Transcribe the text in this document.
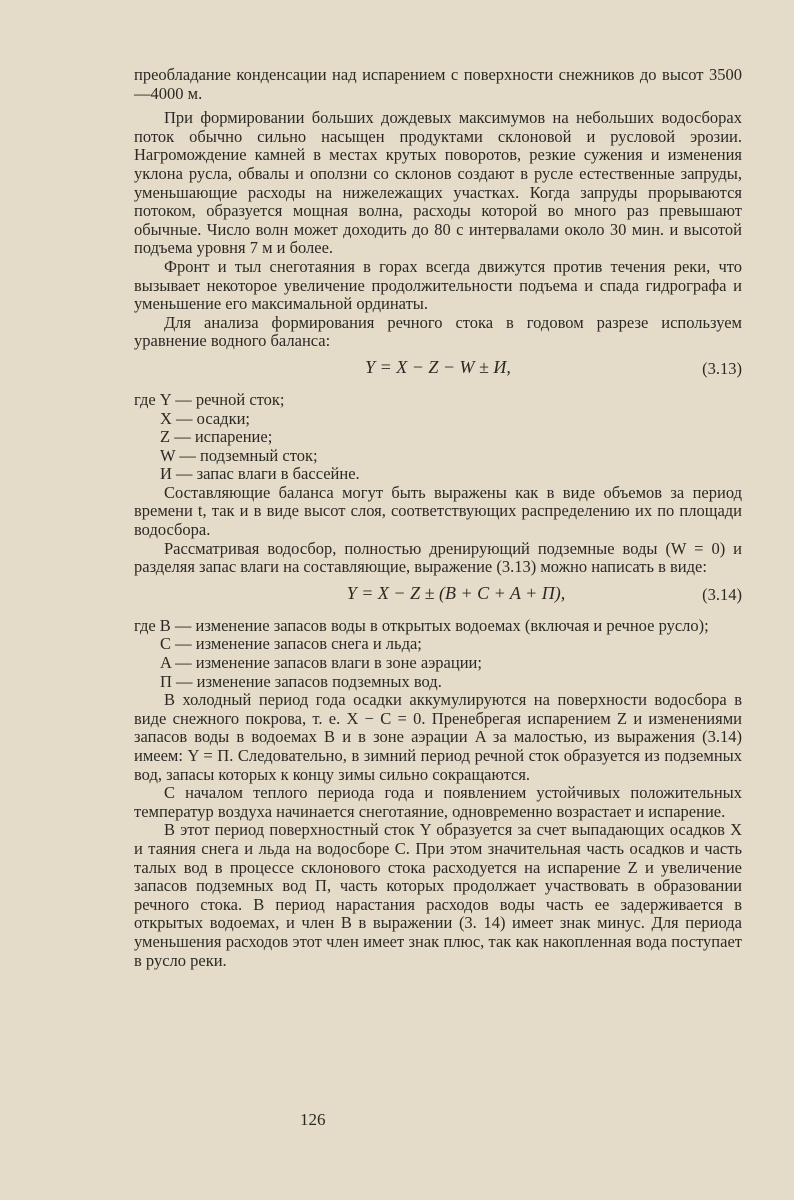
преобладание конденсации над испарением с поверхности снежников до высот 3500—4000 м.

При формировании больших дождевых максимумов на небольших водосборах поток обычно сильно насыщен продуктами склоновой и русловой эрозии. Нагромождение камней в местах крутых поворотов, резкие сужения и изменения уклона русла, обвалы и оползни со склонов создают в русле естественные запруды, уменьшающие расходы на нижележащих участках. Когда запруды прорываются потоком, образуется мощная волна, расходы которой во много раз превышают обычные. Число волн может доходить до 80 с интервалами около 30 мин. и высотой подъема уровня 7 м и более.

Фронт и тыл снеготаяния в горах всегда движутся против течения реки, что вызывает некоторое увеличение продолжительности подъема и спада гидрографа и уменьшение его максимальной ординаты.

Для анализа формирования речного стока в годовом разрезе используем уравнение водного баланса:

Y = X − Z − W ± И,	(3.13)
где Y — речной сток;
X — осадки;
Z — испарение;
W — подземный сток;
И — запас влаги в бассейне.

Составляющие баланса могут быть выражены как в виде объемов за период времени t, так и в виде высот слоя, соответствующих распределению их по площади водосбора.

Рассматривая водосбор, полностью дренирующий подземные воды (W = 0) и разделяя запас влаги на составляющие, выражение (3.13) можно написать в виде:

Y = X − Z ± (B + C + A + П),	(3.14)
где B — изменение запасов воды в открытых водоемах (включая и речное русло);
C — изменение запасов снега и льда;
A — изменение запасов влаги в зоне аэрации;
П — изменение запасов подземных вод.

В холодный период года осадки аккумулируются на поверхности водосбора в виде снежного покрова, т. е. X − C = 0. Пренебрегая испарением Z и изменениями запасов воды в водоемах B и в зоне аэрации A за малостью, из выражения (3.14) имеем: Y = П. Следовательно, в зимний период речной сток образуется из подземных вод, запасы которых к концу зимы сильно сокращаются.

С началом теплого периода года и появлением устойчивых положительных температур воздуха начинается снеготаяние, одновременно возрастает и испарение.

В этот период поверхностный сток Y образуется за счет выпадающих осадков X и таяния снега и льда на водосборе C. При этом значительная часть осадков и часть талых вод в процессе склонового стока расходуется на испарение Z и увеличение запасов подземных вод П, часть которых продолжает участвовать в образовании речного стока. В период нарастания расходов воды часть ее задерживается в открытых водоемах, и член B в выражении (3. 14) имеет знак минус. Для периода уменьшения расходов этот член имеет знак плюс, так как накопленная вода поступает в русло реки.

126
